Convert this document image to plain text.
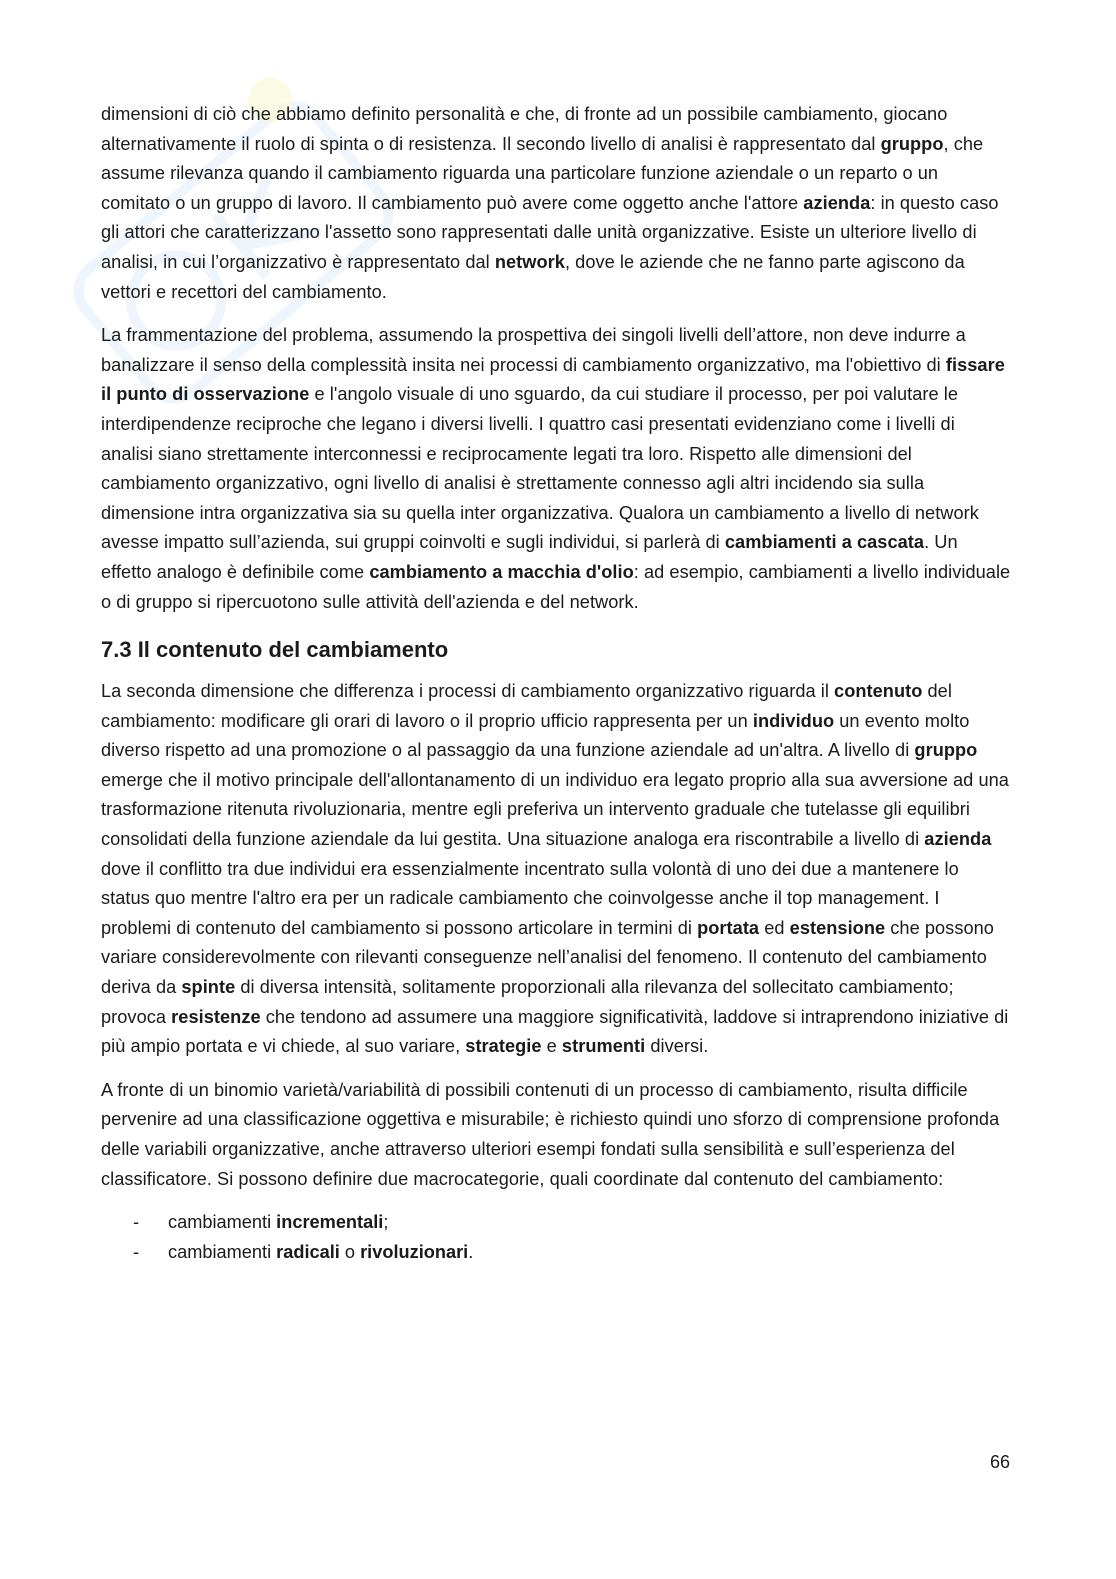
dimensioni di ciò che abbiamo definito personalità e che, di fronte ad un possibile cambiamento, giocano alternativamente il ruolo di spinta o di resistenza. Il secondo livello di analisi è rappresentato dal gruppo, che assume rilevanza quando il cambiamento riguarda una particolare funzione aziendale o un reparto o un comitato o un gruppo di lavoro. Il cambiamento può avere come oggetto anche l'attore azienda: in questo caso gli attori che caratterizzano l'assetto sono rappresentati dalle unità organizzative. Esiste un ulteriore livello di analisi, in cui l’organizzativo è rappresentato dal network, dove le aziende che ne fanno parte agiscono da vettori e recettori del cambiamento.

La frammentazione del problema, assumendo la prospettiva dei singoli livelli dell’attore, non deve indurre a banalizzare il senso della complessità insita nei processi di cambiamento organizzativo, ma l'obiettivo di fissare il punto di osservazione e l'angolo visuale di uno sguardo, da cui studiare il processo, per poi valutare le interdipendenze reciproche che legano i diversi livelli. I quattro casi presentati evidenziano come i livelli di analisi siano strettamente interconnessi e reciprocamente legati tra loro. Rispetto alle dimensioni del cambiamento organizzativo, ogni livello di analisi è strettamente connesso agli altri incidendo sia sulla dimensione intra organizzativa sia su quella inter organizzativa. Qualora un cambiamento a livello di network avesse impatto sull’azienda, sui gruppi coinvolti e sugli individui, si parlerà di cambiamenti a cascata. Un effetto analogo è definibile come cambiamento a macchia d'olio: ad esempio, cambiamenti a livello individuale o di gruppo si ripercuotono sulle attività dell'azienda e del network.

7.3 Il contenuto del cambiamento

La seconda dimensione che differenza i processi di cambiamento organizzativo riguarda il contenuto del cambiamento: modificare gli orari di lavoro o il proprio ufficio rappresenta per un individuo un evento molto diverso rispetto ad una promozione o al passaggio da una funzione aziendale ad un'altra. A livello di gruppo emerge che il motivo principale dell'allontanamento di un individuo era legato proprio alla sua avversione ad una trasformazione ritenuta rivoluzionaria, mentre egli preferiva un intervento graduale che tutelasse gli equilibri consolidati della funzione aziendale da lui gestita. Una situazione analoga era riscontrabile a livello di azienda dove il conflitto tra due individui era essenzialmente incentrato sulla volontà di uno dei due a mantenere lo status quo mentre l'altro era per un radicale cambiamento che coinvolgesse anche il top management. I problemi di contenuto del cambiamento si possono articolare in termini di portata ed estensione che possono variare considerevolmente con rilevanti conseguenze nell’analisi del fenomeno. Il contenuto del cambiamento deriva da spinte di diversa intensità, solitamente proporzionali alla rilevanza del sollecitato cambiamento; provoca resistenze che tendono ad assumere una maggiore significatività, laddove si intraprendono iniziative di più ampio portata e vi chiede, al suo variare, strategie e strumenti diversi.

A fronte di un binomio varietà/variabilità di possibili contenuti di un processo di cambiamento, risulta difficile pervenire ad una classificazione oggettiva e misurabile; è richiesto quindi uno sforzo di comprensione profonda delle variabili organizzative, anche attraverso ulteriori esempi fondati sulla sensibilità e sull’esperienza del classificatore. Si possono definire due macrocategorie, quali coordinate dal contenuto del cambiamento:

- cambiamenti incrementali;
- cambiamenti radicali o rivoluzionari.
66
